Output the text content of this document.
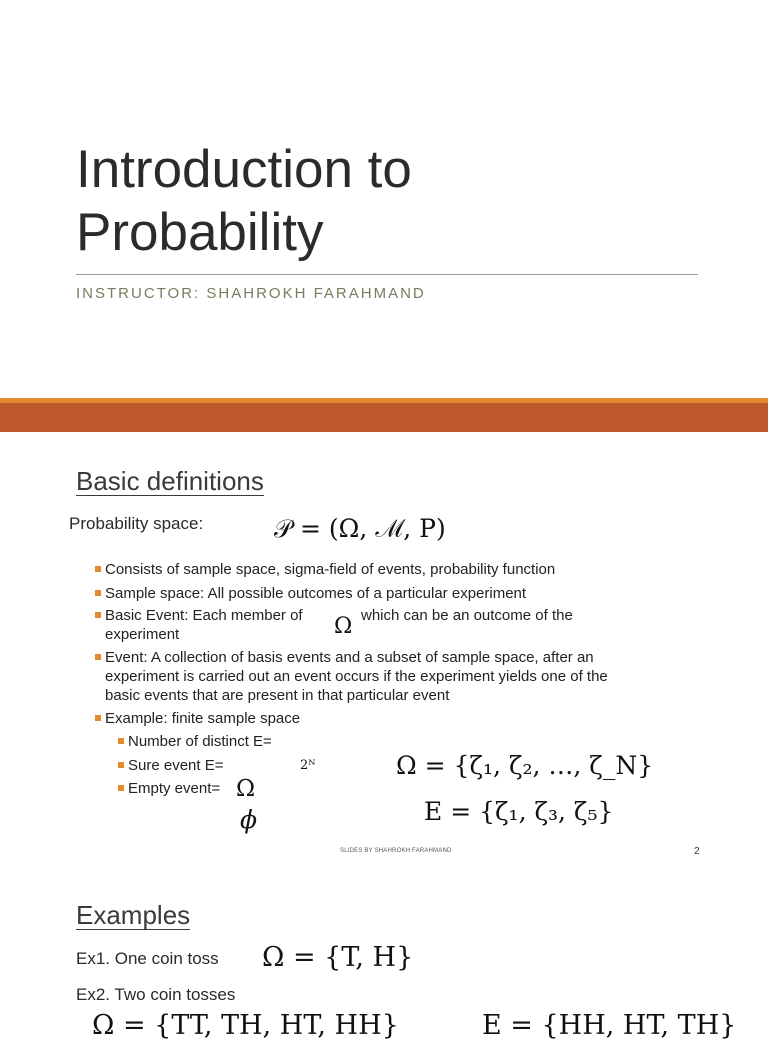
Introduction to
Probability
INSTRUCTOR: SHAHROKH FARAHMAND
Basic definitions
Probability space:	𝒫 = (Ω, ℳ, P)
Consists of sample space, sigma-field of events, probability function
Sample space: All possible outcomes of a particular experiment
Basic Event: Each member of Ω which can be an outcome of the
experiment
Event: A collection of basis events and a subset of sample space, after an
experiment is carried out an event occurs if the experiment yields one of the
basic events that are present in that particular event
Example: finite sample space
Number of distinct E=
Sure event E=	2ᴺ
Empty event= Ω
ϕ
Ω = {ζ₁, ζ₂, …, ζ_N}
E = {ζ₁, ζ₃, ζ₅}
SLIDES BY SHAHROKH FARAHMAND	2
Examples
Ex1. One coin toss Ω = {T, H}
Ex2. Two coin tosses
Ω = {TT, TH, HT, HH}	E = {HH, HT, TH}
